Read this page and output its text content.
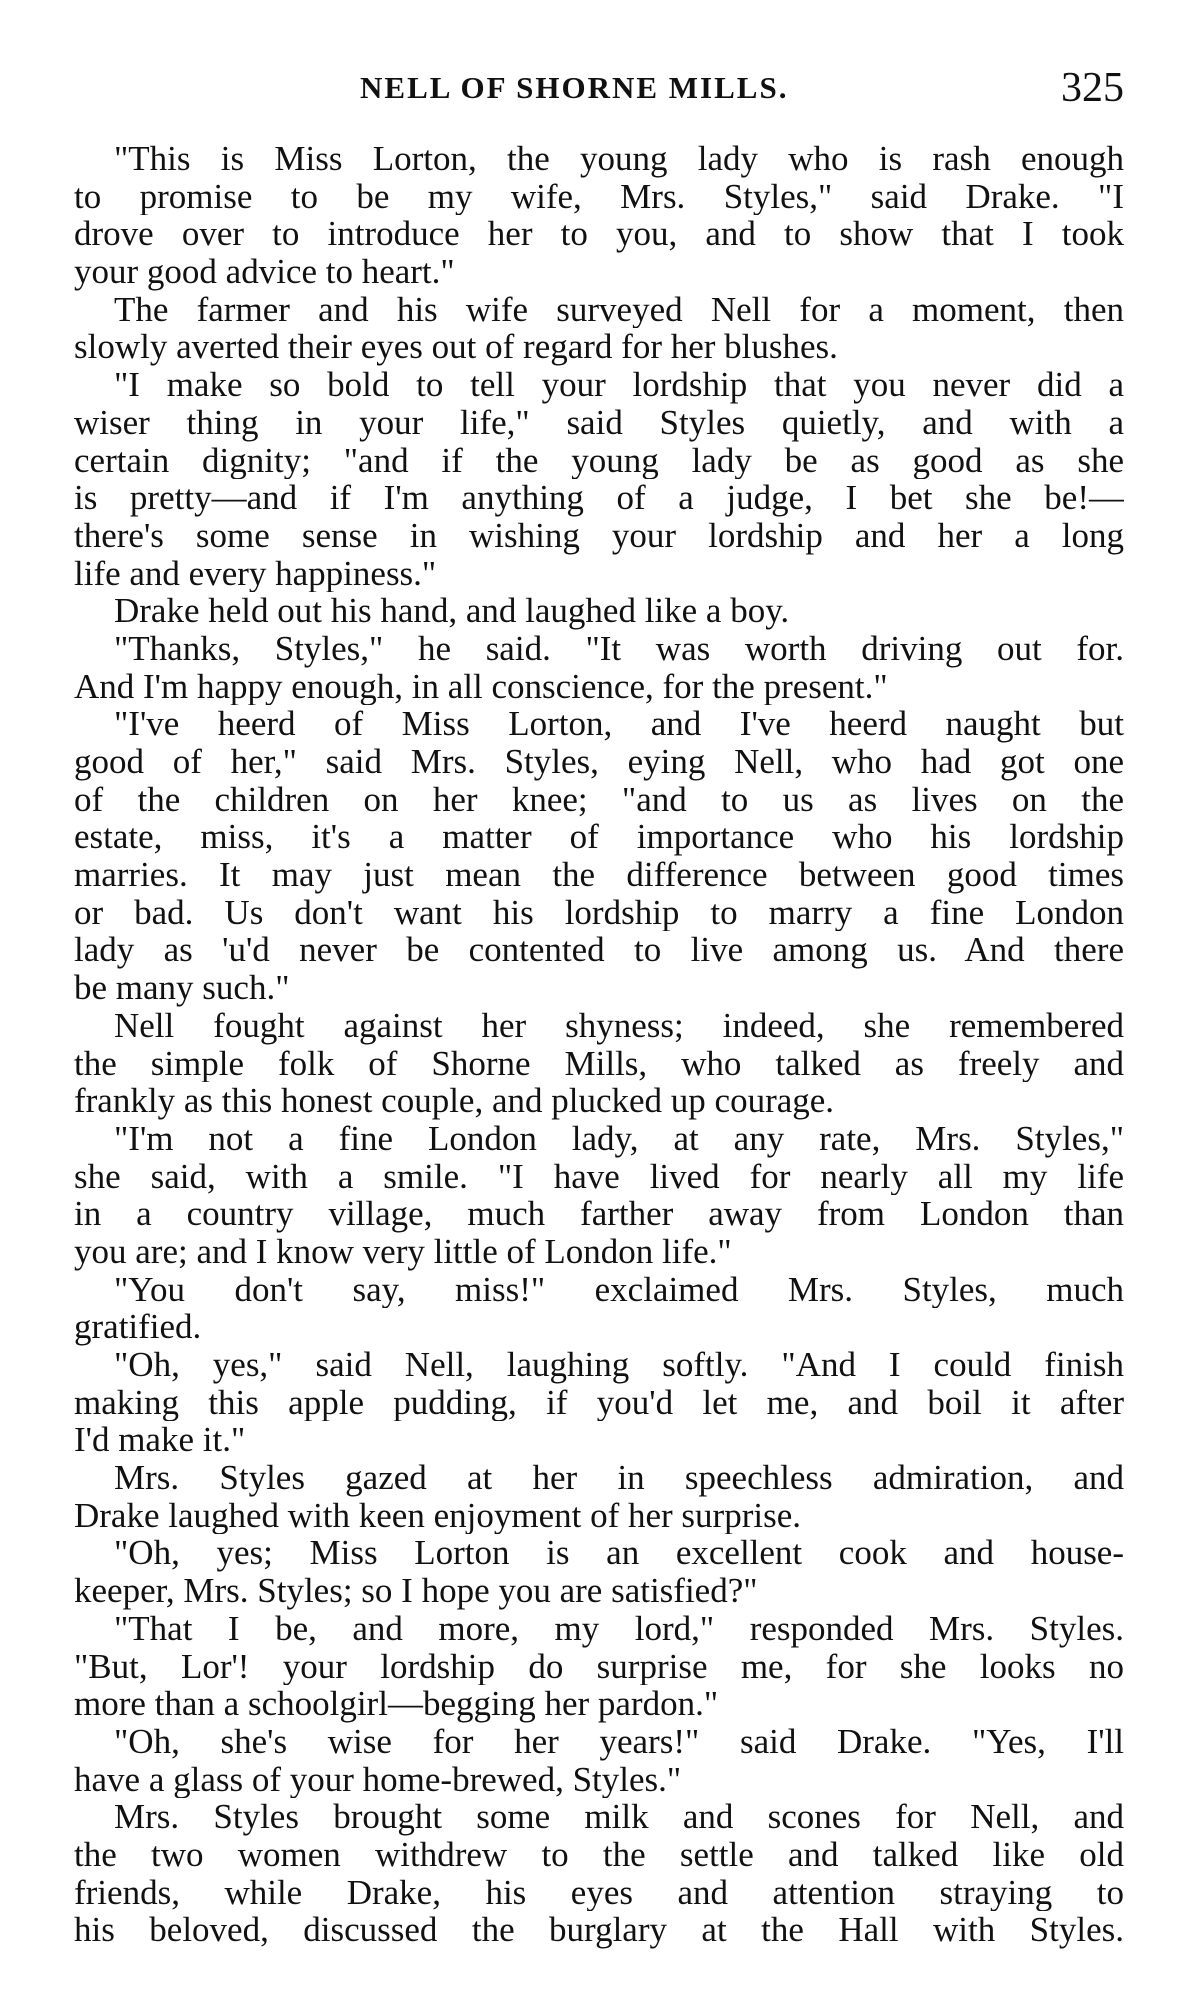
NELL OF SHORNE MILLS.	325
"This is Miss Lorton, the young lady who is rash enough
to promise to be my wife, Mrs. Styles," said Drake. "I
drove over to introduce her to you, and to show that I took
your good advice to heart."
The farmer and his wife surveyed Nell for a moment, then
slowly averted their eyes out of regard for her blushes.
"I make so bold to tell your lordship that you never did a
wiser thing in your life," said Styles quietly, and with a
certain dignity; "and if the young lady be as good as she
is pretty—and if I'm anything of a judge, I bet she be!—
there's some sense in wishing your lordship and her a long
life and every happiness."
Drake held out his hand, and laughed like a boy.
"Thanks, Styles," he said. "It was worth driving out for.
And I'm happy enough, in all conscience, for the present."
"I've heerd of Miss Lorton, and I've heerd naught but
good of her," said Mrs. Styles, eying Nell, who had got one
of the children on her knee; "and to us as lives on the
estate, miss, it's a matter of importance who his lordship
marries. It may just mean the difference between good times
or bad. Us don't want his lordship to marry a fine London
lady as 'u'd never be contented to live among us. And there
be many such."
Nell fought against her shyness; indeed, she remembered
the simple folk of Shorne Mills, who talked as freely and
frankly as this honest couple, and plucked up courage.
"I'm not a fine London lady, at any rate, Mrs. Styles,"
she said, with a smile. "I have lived for nearly all my life
in a country village, much farther away from London than
you are; and I know very little of London life."
"You don't say, miss!" exclaimed Mrs. Styles, much
gratified.
"Oh, yes," said Nell, laughing softly. "And I could finish
making this apple pudding, if you'd let me, and boil it after
I'd make it."
Mrs. Styles gazed at her in speechless admiration, and
Drake laughed with keen enjoyment of her surprise.
"Oh, yes; Miss Lorton is an excellent cook and house-
keeper, Mrs. Styles; so I hope you are satisfied?"
"That I be, and more, my lord," responded Mrs. Styles.
"But, Lor'! your lordship do surprise me, for she looks no
more than a schoolgirl—begging her pardon."
"Oh, she's wise for her years!" said Drake. "Yes, I'll
have a glass of your home-brewed, Styles."
Mrs. Styles brought some milk and scones for Nell, and
the two women withdrew to the settle and talked like old
friends, while Drake, his eyes and attention straying to
his beloved, discussed the burglary at the Hall with Styles.
